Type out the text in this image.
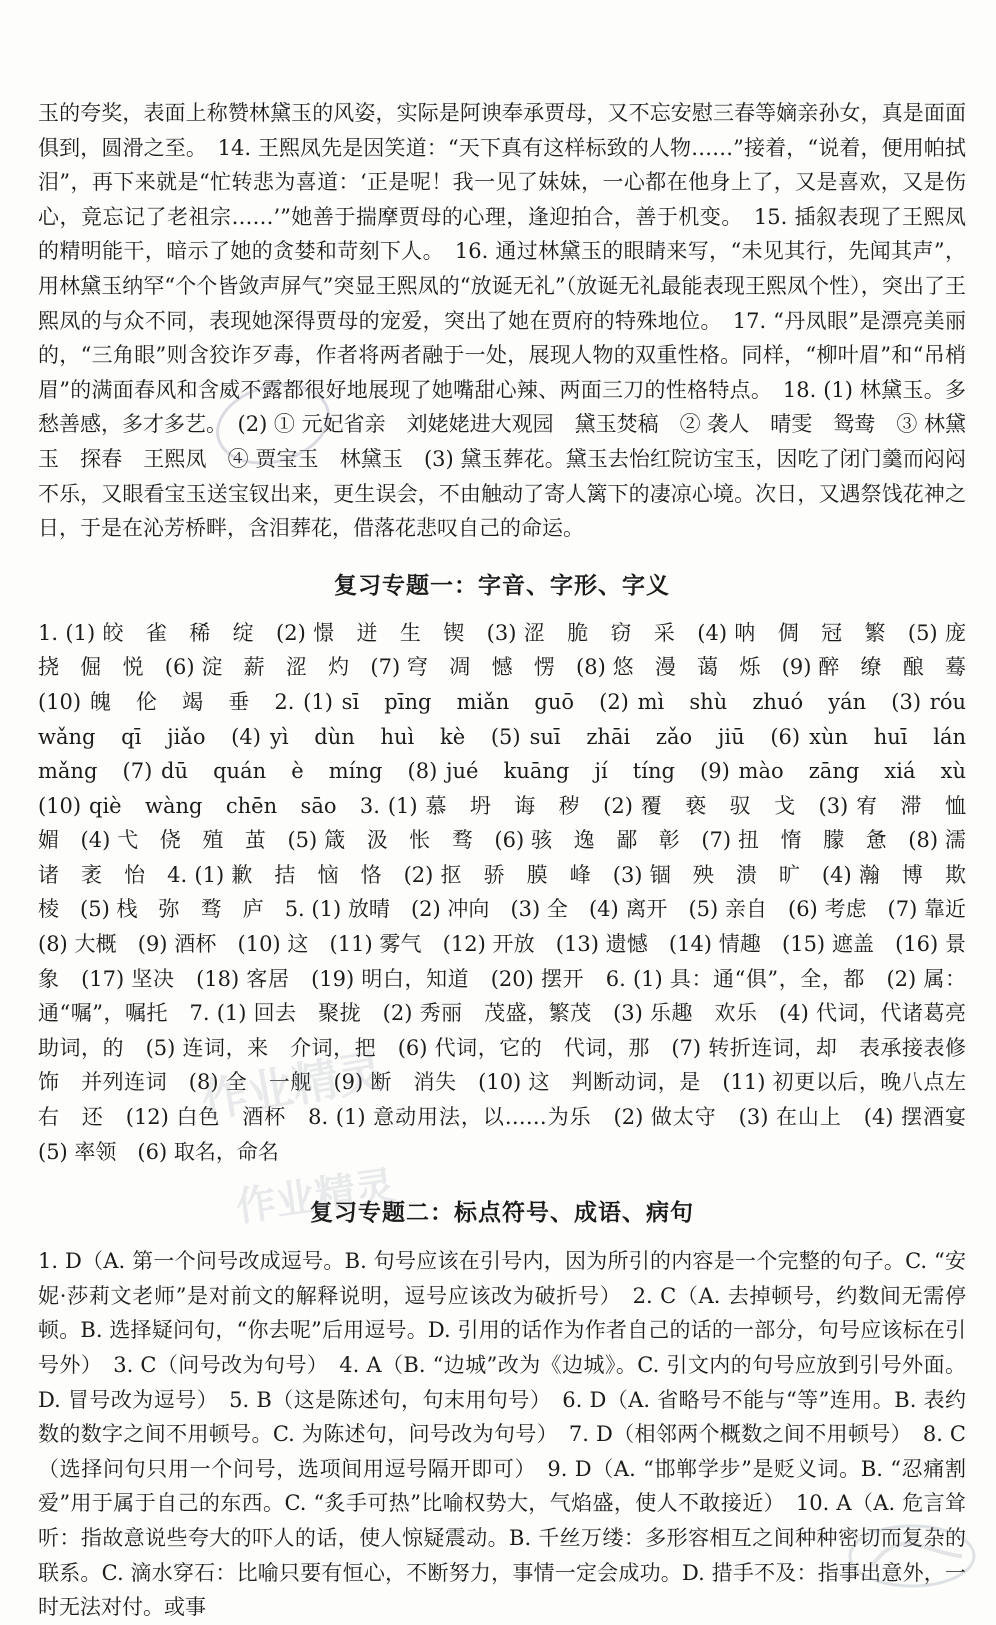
玉的夸奖，表面上称赞林黛玉的风姿，实际是阿谀奉承贾母，又不忘安慰三春等嫡亲孙女，真是面面俱到，圆滑之至。　14. 王熙凤先是因笑道：“天下真有这样标致的人物……”接着，“说着，便用帕拭泪”，再下来就是“忙转悲为喜道：‘正是呢！我一见了妹妹，一心都在他身上了，又是喜欢，又是伤心，竟忘记了老祖宗……’”她善于揣摩贾母的心理，逢迎拍合，善于机变。　15. 插叙表现了王熙凤的精明能干，暗示了她的贪婪和苛刻下人。　16. 通过林黛玉的眼睛来写，“未见其行，先闻其声”，用林黛玉纳罕“个个皆敛声屏气”突显王熙凤的“放诞无礼”（放诞无礼最能表现王熙凤个性），突出了王熙凤的与众不同，表现她深得贾母的宠爱，突出了她在贾府的特殊地位。　17. “丹凤眼”是漂亮美丽的，“三角眼”则含狡诈歹毒，作者将两者融于一处，展现人物的双重性格。同样，“柳叶眉”和“吊梢眉”的满面春风和含威不露都很好地展现了她嘴甜心辣、两面三刀的性格特点。　18. (1) 林黛玉。多愁善感，多才多艺。　(2) ① 元妃省亲　刘姥姥进大观园　黛玉焚稿　② 袭人　晴雯　鸳鸯　③ 林黛玉　探春　王熙凤　④ 贾宝玉　林黛玉　(3) 黛玉葬花。黛玉去怡红院访宝玉，因吃了闭门羹而闷闷不乐，又眼看宝玉送宝钗出来，更生误会，不由触动了寄人篱下的凄凉心境。次日，又遇祭饯花神之日，于是在沁芳桥畔，含泪葬花，借落花悲叹自己的命运。

复习专题一：字音、字形、字义

1. (1) 皎　雀　稀　绽　(2) 憬　迸　生　锲　(3) 涩　脆　窃　采　(4) 呐　倜　冠　繁　(5) 庞　挠　倔　悦　(6) 淀　薪　涩　灼　(7) 穹　凋　憾　愣　(8) 悠　漫　蔼　烁　(9) 醉　缭　酿　蓦　(10) 魄　伦　竭　垂　2. (1) sī　pīng　miǎn　guō　(2) mì　shù　zhuó　yán　(3) róu　wǎng　qī　jiǎo　(4) yì　dùn　huì　kè　(5) suī　zhāi　zǎo　jiū　(6) xùn　huī　lán　mǎng　(7) dū　quán　è　míng　(8) jué　kuāng　jí　tíng　(9) mào　zāng　xiá　xù　(10) qiè　wàng　chēn　sāo　3. (1) 慕　坍　诲　秽　(2) 覆　亵　驭　戈　(3) 宥　滞　恤　媚　(4) 弋　侥　殖　茧　(5) 箴　汲　怅　骛　(6) 骇　逸　鄙　彰　(7) 扭　惰　朦　惫　(8) 濡　诸　袤　怡　4. (1) 歉　拮　恼　恪　(2) 抠　骄　膜　峰　(3) 锢　殃　溃　旷　(4) 瀚　博　欺　棱　(5) 栈　弥　骛　庐　5. (1) 放晴　(2) 冲向　(3) 全　(4) 离开　(5) 亲自　(6) 考虑　(7) 靠近　(8) 大概　(9) 酒杯　(10) 这　(11) 雾气　(12) 开放　(13) 遗憾　(14) 情趣　(15) 遮盖　(16) 景象　(17) 坚决　(18) 客居　(19) 明白，知道　(20) 摆开　6. (1) 具：通“俱”，全，都　(2) 属：通“嘱”，嘱托　7. (1) 回去　聚拢　(2) 秀丽　茂盛，繁茂　(3) 乐趣　欢乐　(4) 代词，代诸葛亮　助词，的　(5) 连词，来　介词，把　(6) 代词，它的　代词，那　(7) 转折连词，却　表承接表修饰　并列连词　(8) 全　一舰　(9) 断　消失　(10) 这　判断动词，是　(11) 初更以后，晚八点左右　还　(12) 白色　酒杯　8. (1) 意动用法，以……为乐　(2) 做太守　(3) 在山上　(4) 摆酒宴　(5) 率领　(6) 取名，命名

复习专题二：标点符号、成语、病句

1. D（A. 第一个问号改成逗号。B. 句号应该在引号内，因为所引的内容是一个完整的句子。C. “安妮·莎莉文老师”是对前文的解释说明，逗号应该改为破折号）　2. C（A. 去掉顿号，约数间无需停顿。B. 选择疑问句，“你去呢”后用逗号。D. 引用的话作为作者自己的话的一部分，句号应该标在引号外）　3. C（问号改为句号）　4. A（B. “边城”改为《边城》。C. 引文内的句号应放到引号外面。D. 冒号改为逗号）　5. B（这是陈述句，句末用句号）　6. D（A. 省略号不能与“等”连用。B. 表约数的数字之间不用顿号。C. 为陈述句，问号改为句号）　7. D（相邻两个概数之间不用顿号）　8. C（选择问句只用一个问号，选项间用逗号隔开即可）　9. D（A. “邯郸学步”是贬义词。B. “忍痛割爱”用于属于自己的东西。C. “炙手可热”比喻权势大，气焰盛，使人不敢接近）　10. A（A. 危言耸听：指故意说些夸大的吓人的话，使人惊疑震动。B. 千丝万缕：多形容相互之间种种密切而复杂的联系。C. 滴水穿石：比喻只要有恒心，不断努力，事情一定会成功。D. 措手不及：指事出意外，一时无法对付。或事

作业精灵
作业精灵
